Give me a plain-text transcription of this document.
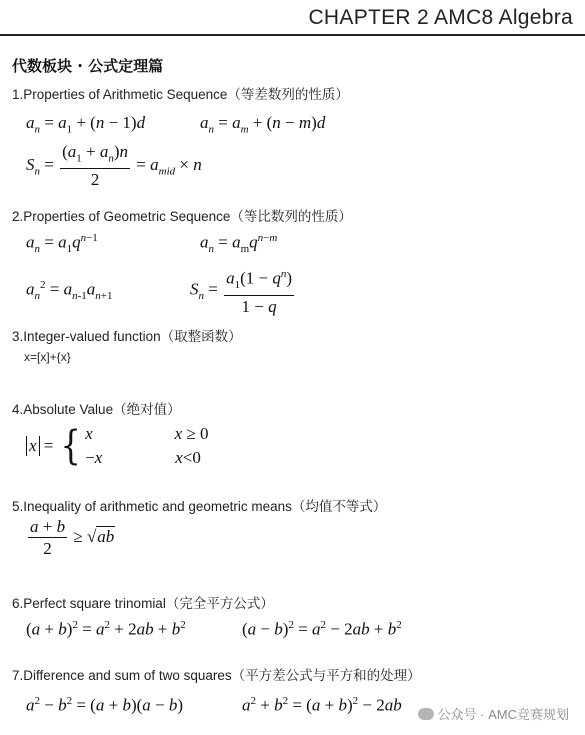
CHAPTER 2 AMC8 Algebra
代数板块 · 公式定理篇
1.Properties of Arithmetic Sequence（等差数列的性质）
$a_n = a_1 + (n - 1)d$	$a_n = a_m + (n - m)d$
$S_n = \frac{(a_1 + a_n)n}{2} = a_{mid} \times n$
2.Properties of Geometric Sequence（等比数列的性质）
$a_n = a_1q^{n-1}$	$a_n = a_mq^{n-m}$
$a_n^2 = a_{n-1}a_{n+1}$	$S_n = \frac{a_1(1 - q^n)}{1 - q}$
3.Integer-valued function（取整函数）
x=[x]+{x}
4.Absolute Value（绝对值）
x = { x	x ≥ 0
−x	x<0
5.Inequality of arithmetic and geometric means（均值不等式）
$\frac{a + b}{2} \ge √ab$
6.Perfect square trinomial（完全平方公式）
$(a + b)^2 = a^2 + 2ab + b^2$	$(a - b)^2 = a^2 - 2ab + b^2$
7.Difference and sum of two squares（平方差公式与平方和的处理）
$a^2 - b^2 = (a + b)(a - b)$	$a^2 + b^2 = (a + b)^2 - 2ab$	公众号 · AMC竞赛规划
